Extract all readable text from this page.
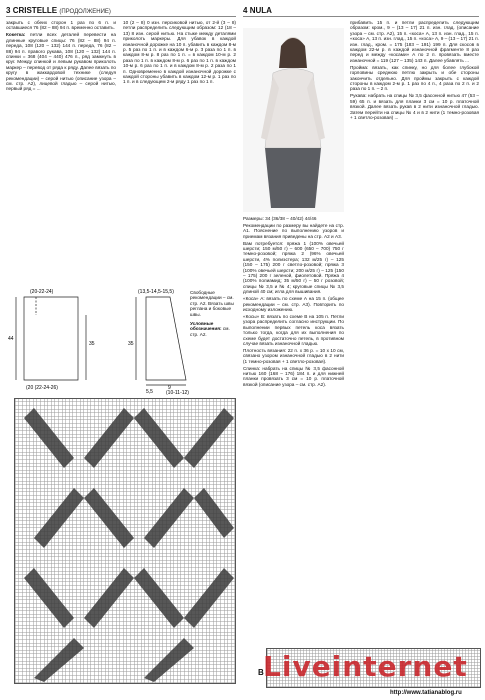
3 CRISTELLE (ПРОДОЛЖЕНИЕ)	4 NULA

закрыть с обеих сторон 1 раз по 6 п. и оставшиеся 76 (82 – 88) 94 п. временно оставить.

Кокетка: петли всех деталей перевести на длинные круговые спицы: 76 (82 – 88) 94 п. переда, 108 (120 – 132) 144 п. переда, 76 (82 – 88) 94 п. правого рукава, 108 (120 – 132) 144 п. спинки = 368 (404 – 440) 476 п., ряд замкнуть в круг. Между спинкой и левым рукавом приколоть маркер – перевод от ряда к ряду. Далее вязать по кругу в жаккардовой технике (следуя рекомендации) – серой нитью (описание узора – см. стр. А2), лицевой гладью – серой нитью, первый ряд = ...

10 (2 – 8) 0 изн. персиковой нитью, от 2-й (3 – 8) петли распределить следующим образом: 12 (18 – 13) 8 изн. серой нитью. На стыке между деталями приколоть маркеры. Для убавок в каждой изнаночной дорожке на 10 п. убавить в каждом 8-м р. 5 раз по 1 п. и в каждом 6-м р. 3 раза по 1 п. в каждом 8-м р. 8 раз по 1 п. = в каждом 10-м р. 2 раза по 1 п. в каждом 8-м р. 6 раз по 1 п. в каждом 10-м р. 6 раз по 1 п. и в каждом 8-м р. 2 раза по 1 п. Одновременно в каждой изнаночной дорожке с каждой стороны убавить в каждом 12-м р. 1 раз по 1 п. и в следующем 2-м ряду 1 раз по 1 п.

(20-22-24)
44
35
(20 (22-24-26)
(13,5-14,5-15,5)
35
5,5
9
(10-11-12)

Свободные рекомендации – см. стр. А2. Вязать швы реглана и боковые швы.

Условные обозначения: см. стр. А2.

Размеры: 34 (36/38 – 40/42) 44/46

Рекомендации по размеру вы найдете на стр. А1. Пояснение по выполнению узоров и приемам вязания приведены на стр. А2 и А3.

Вам потребуется: пряжа 1 (100% овечьей шерсти; 150 м/50 г) – 600 (650 – 700) 750 г темно-розовой; пряжа 2 (96% овечьей шерсти, 4% полиэстера; 132 м/25 г) – 125 (150 – 175) 200 г светло-розовой; пряжа 3 (100% овечьей шерсти; 200 м/25 г) – 125 (150 – 175) 200 г зеленой, фиолетовой. Пряжа 4 (100% полиамид; 35 м/50 г) – 50 г розовой; спицы № 3,5 и № 4; круговые спицы № 3,5 длиной 40 см; игла для вышивания.

«Коса» А: вязать по схеме А на 15 п. (общее рекомендации – см. стр. А3). Повторить по исходному изложению.

«Косы» В: вязать по схеме В на 105 п. Петли узора распределить согласно инструкции. По выполнении первых петель коса вязать только тогда, когда для их выполнения по схеме будет достаточно петель, в противном случае вязать изнаночной гладью.

Плотность вязания: 22 п. х 36 р. = 10 х 10 см, связано узором изнаночной гладью в 2 нити (1 темно-розовая + 1 светло-розовая).

Спинка: набрать на спицы № 3,5 фасонной нитью 160 (168 – 176) 184 п. и для нижней планки провязать 3 см = 10 р. платочной вязкой (описание узора – см. стр. А2).

прибавить 15 п. и петли распределить следующим образом: кром., 9 – (13 – 17) 21 п. изн. глад. (описание узора – см. стр. А2), 15 п. «коса» А, 13 п. изн. глад., 15 п. «коса» А, 13 п. изн. глад., 15 п. «коса» А, 9 – (13 – 17) 21 п. изн. глад., кром. = 175 (183 – 191) 199 п. Для скосов в каждом 22-м р. в каждой изнаночной фрагменте 8 раз перед и между «косами» А по 2 п. провязать вместе изнаночной = 119 (127 – 135) 143 п. Далее убавлять ...

Пройма: вязать, как спинку, но для более глубокой горловины среднюю петлю закрыть и обе стороны закончить отдельно. Для проймы закрыть с каждой стороны в каждом 2-м р. 1 раз по 4 п., 4 раза по 2 п. и 2 раза по 1 п. – 2 п.

Рукава: набрать на спицы № 3,5 фасонной нитью 47 (53 – 59) 65 п. и вязать для планки 3 см = 10 р. платочной вязкой. Далее вязать рукав в 2 нити изнаночной гладью. Затем перейти на спицы № 4 и в 2 нити (1 темно-розовая + 1 светло-розовая) ...

B Liveinternet
http://www.tatianablog.ru
